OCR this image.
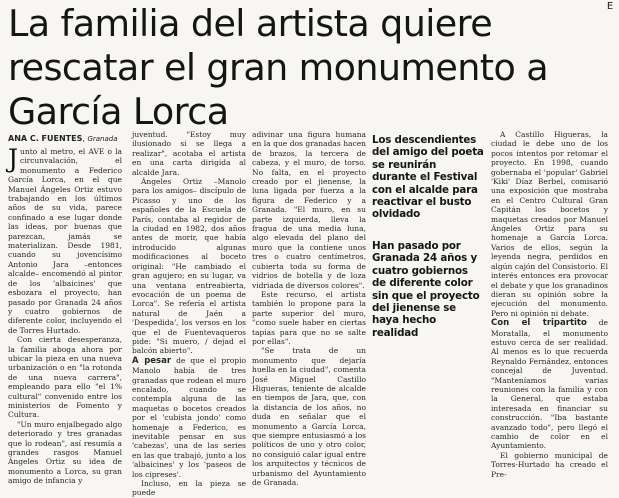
E
La familia del artista quiere rescatar el gran monumento a García Lorca
ANA C. FUENTES, Granada

Junto al metro, el AVE o la circunvalación, el monumento a Federico García Lorca, en el que Manuel Ángeles Ortiz estuvo trabajando en los últimos años de su vida, parece confinado a ese lugar donde las ideas, por buenas que parezcan, jamás se materializan. Desde 1981, cuando su jovencísimo Antonio Jara –entonces alcalde– encomendó al pintor de los 'albaicines' que esbozara el proyecto, han pasado por Granada 24 años y cuatro gobiernos de diferente color, incluyendo el de Torres Hurtado.

Con cierta desesperanza, la familia aboga ahora por ubicar la pieza en una nueva urbanización o en "la rotonda de una nueva carrera", empleando para ello "el 1% cultural" convenido entre los ministerios de Fomento y Cultura.

"Un muro enjalbegado algo deteriorado y tres granadas que lo rodean", así resumía a grandes rasgos Manuel Ángeles Ortiz su idea de monumento a Lorca, su gran amigo de infancia y

juventud. "Estoy muy ilusionado si se llega a realizar", acotaba el artista en una carta dirigida al alcalde Jara.

Ángeles Ortiz –Manolo para los amigos– discípulo de Picasso y uno de los españoles de la Escuela de París, contaba al regidor de la ciudad en 1982, dos años antes de morir, que había introducido algunas modificaciones al boceto original: "He cambiado el gran agujero; en su lugar, va una ventana entreabierta, evocación de un poema de Lorca". Se refería el artista natural de Jaén a 'Despedida', los versos en los que el de Fuentevaqueros pide: "Si muero, / dejad el balcón abierto".

A pesar de que el propio Manolo había de tres granadas que rodean el muro encalado, cuando se contempla alguna de las maquetas o bocetos creados por el 'cubista jondo' como homenaje a Federico, es inevitable pensar en sus 'cabezas', una de las series en las que trabajó, junto a los 'albaicines' y los 'paseos de los cipreses'.

Incluso, en la pieza se puede

adivinar una figura humana en la que dos granadas hacen de brazos, la tercera de cabeza, y el muro, de torso. No falta, en el proyecto creado por el jienense, la luna ligada por fuerza a la figura de Federico y a Granada. "El muro, en su parte izquierda, lleva la fragua de una media luna, algo elevada del plano del muro que la contiene unos tres o cuatro centímetros, cubierta toda su forma de vidrios de botella y de loza vidriada de diversos colores".

Este recurso, el artista también lo propone para la parte superior del muro, "como suele haber en ciertas tapias para que no se salte por ellas".

"Se trata de un monumento que dejaría huella en la ciudad", comenta José Miguel Castillo Higueras, teniente de alcalde en tiempos de Jara, que, con la distancia de los años, no duda en señalar que el monumento a García Lorca, que siempre entusiasmó a los políticos de uno y otro color, no consiguió calar igual entre los arquitectos y técnicos de urbanismo del Ayuntamiento de Granada.

Los descendientes del amigo del poeta se reunirán durante el Festival con el alcalde para reactivar el busto olvidado

Han pasado por Granada 24 años y cuatro gobiernos de diferente color sin que el proyecto del jienense se haya hecho realidad

A Castillo Higueras, la ciudad le debe uno de los pocos intentos por retomar el proyecto. En 1998, cuando gobernaba el 'popular' Gabriel 'Kiki' Díaz Berbel, comisarió una exposición que mostraba en el Centro Cultural Gran Capitán los bocetos y maquetas creados por Manuel Ángeles Ortiz para su homenaje a García Lorca. Varios de ellos, según la leyenda negra, perdidos en algún cajón del Consistorio. El interés entonces era provocar el debate y que los granadinos dieran su opinión sobre la ejecución del monumento. Pero ni opinión ni debate.

Con el tripartito de Moratalla, el monumento estuvo cerca de ser realidad. Al menos es lo que recuerda Reynaldo Fernández, entonces concejal de Juventud. "Manteníamos varias reuniones con la familia y con la General, que estaba interesada en financiar su construcción. "Iba bastante avanzado todo", pero llegó el cambio de color en el Ayuntamiento.

El gobierno municipal de Torres-Hurtado ha creado el Pre-
